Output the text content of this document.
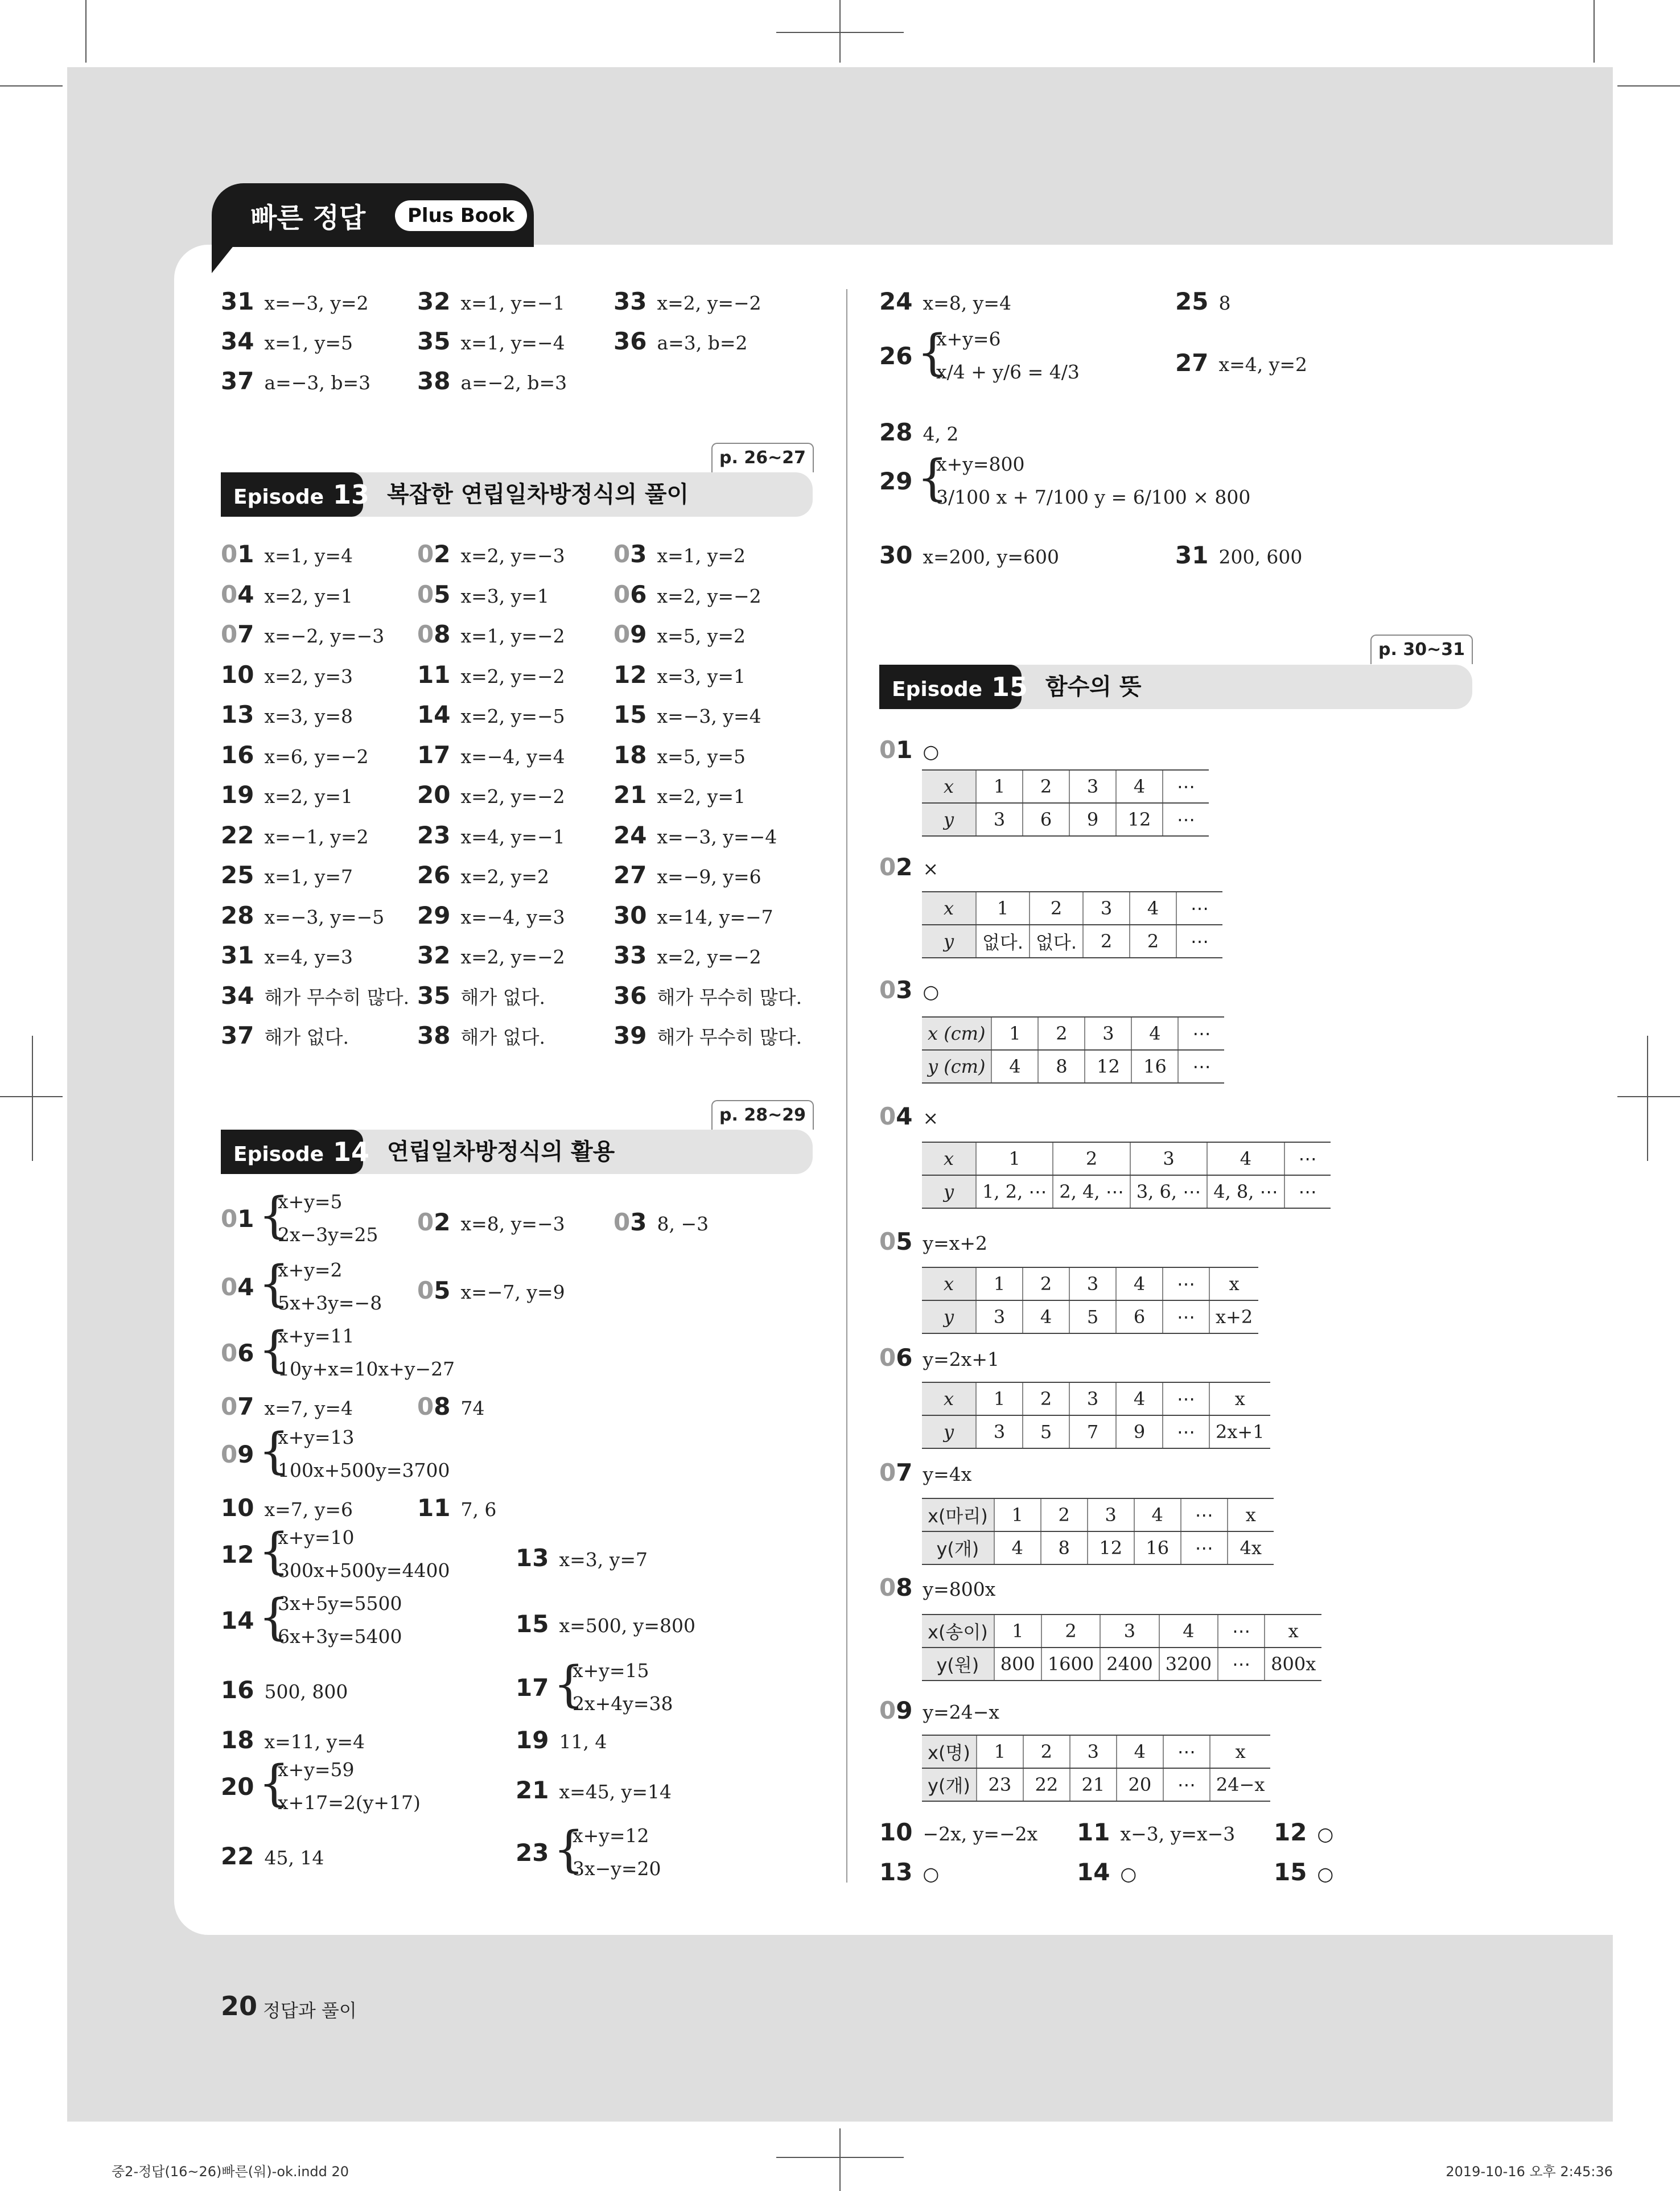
빠른 정답	Plus Book
p. 26~27
Episode 13 복잡한 연립일차방정식의 풀이
p. 28~29
Episode 14 연립일차방정식의 활용
p. 30~31
Episode 15 함수의 뜻
20 정답과 풀이
중2-정답(16~26)빠른(워)-ok.indd 20	2019-10-16 오후 2:45:36
31 x=−3, y=2 32 x=1, y=−1 33 x=2, y=−2
34 x=1, y=5	35 x=1, y=−4 36 a=3, b=2
37 a=−3, b=3 38 a=−2, b=3
01 x=1, y=4	02 x=2, y=−3 03 x=1, y=2
04 x=2, y=1	05 x=3, y=1	06 x=2, y=−2
07 x=−2, y=−3 08 x=1, y=−2 09 x=5, y=2
10 x=2, y=3	11 x=2, y=−2 12 x=3, y=1
13 x=3, y=8	14 x=2, y=−5 15 x=−3, y=4
16 x=6, y=−2 17 x=−4, y=4 18 x=5, y=5
19 x=2, y=1	20 x=2, y=−2 21 x=2, y=1
22 x=−1, y=2 23 x=4, y=−1 24 x=−3, y=−4
25 x=1, y=7	26 x=2, y=2	27 x=−9, y=6
28 x=−3, y=−5 29 x=−4, y=3 30 x=14, y=−7
31 x=4, y=3	32 x=2, y=−2 33 x=2, y=−2
34 해가 무수히 많다. 35 해가 없다.	36 해가 무수히 많다.
37 해가 없다.	38 해가 없다.	39 해가 무수히 많다.
01 {
x+y=5
2x−3y=25 02 x=8, y=−3 03 8, −3
04 {
x+y=2
5x+3y=−8 05 x=−7, y=9
06 {
x+y=11
10y+x=10x+y−27
07 x=7, y=4	08 74
09 {
x+y=13
100x+500y=3700
10 x=7, y=6	11 7, 6
12 {
x+y=10
300x+500y=4400	13 x=3, y=7
14 {
3x+5y=5500
6x+3y=5400	15 x=500, y=800
16 500, 800	17 {
x+y=15
2x+4y=38
18 x=11, y=4	19 11, 4
20 {
x+y=59
x+17=2(y+17)	21 x=45, y=14
22 45, 14	23 {
x+y=12
3x−y=20
24 x=8, y=4	25 8
26 {
x+y=6
x/4 + y/6 = 4/3	27 x=4, y=2
28 4, 2
29 {
x+y=800
3/100 x + 7/100 y = 6/100 × 800
30 x=200, y=600	31 200, 600
01 ○
x	1	2	3	4	⋯
y	3	6	9	12	⋯
02 ×
x	1	2	3	4	⋯
y	없다.	없다.	2	2	⋯
03 ○
x (cm)	1	2	3	4	⋯
y (cm)	4	8	12	16	⋯
04 ×
x	1	2	3	4	⋯
y	1, 2, ⋯	2, 4, ⋯	3, 6, ⋯	4, 8, ⋯	⋯
05 y=x+2
x	1	2	3	4	⋯	x
y	3	4	5	6	⋯	x+2
06 y=2x+1
x	1	2	3	4	⋯	x
y	3	5	7	9	⋯	2x+1
07 y=4x
x(마리)	1	2	3	4	⋯	x
y(개)	4	8	12	16	⋯	4x
08 y=800x
x(송이)	1	2	3	4	⋯	x
y(원)	800	1600	2400	3200	⋯	800x
09 y=24−x
x(명)	1	2	3	4	⋯	x
y(개)	23	22	21	20	⋯	24−x
10 −2x, y=−2x 11 x−3, y=x−3 12 ○
13 ○	14 ○	15 ○
